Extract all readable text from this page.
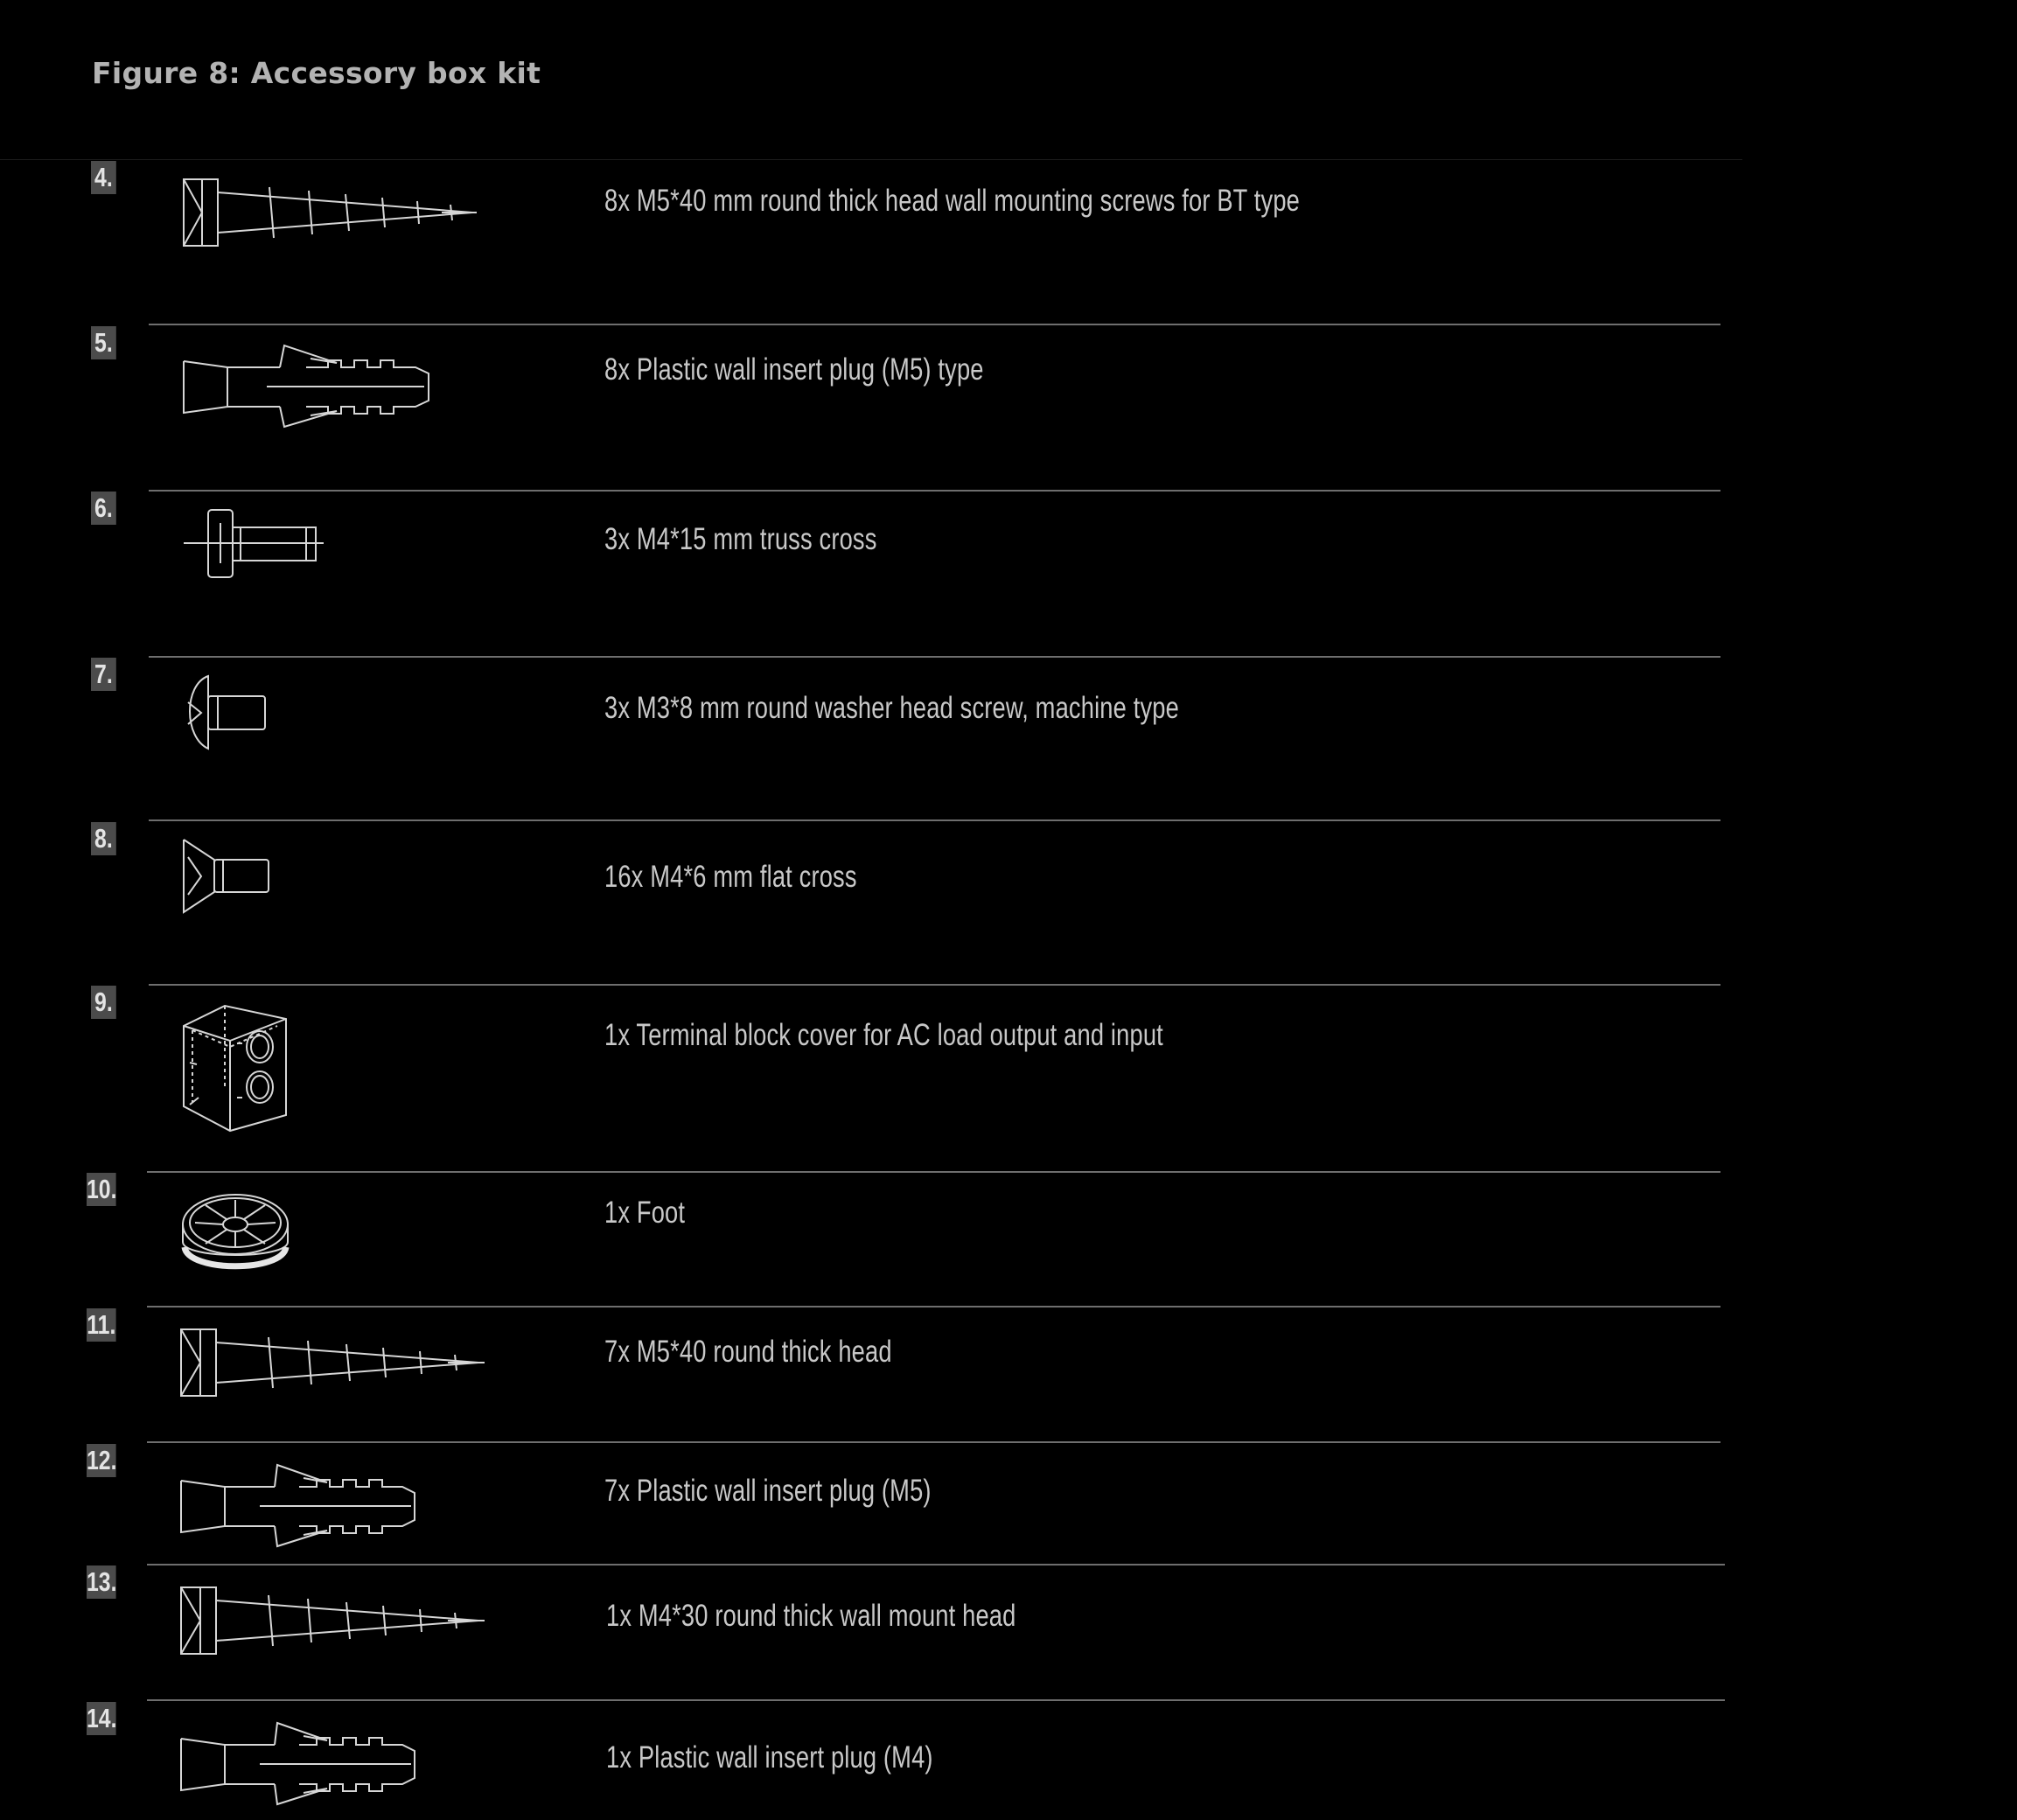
Figure 8: Accessory box kit
4.
8x M5*40 mm round thick head wall mounting screws for BT type
5.
8x Plastic wall insert plug (M5) type
6.
3x M4*15 mm truss cross
7.
3x M3*8 mm round washer head screw, machine type
8.
16x M4*6 mm flat cross
9.
1x Terminal block cover for AC load output and input
10.
1x Foot
11.
7x M5*40 round thick head
12.
7x Plastic wall insert plug (M5)
13.
1x M4*30 round thick wall mount head
14.
1x Plastic wall insert plug (M4)
